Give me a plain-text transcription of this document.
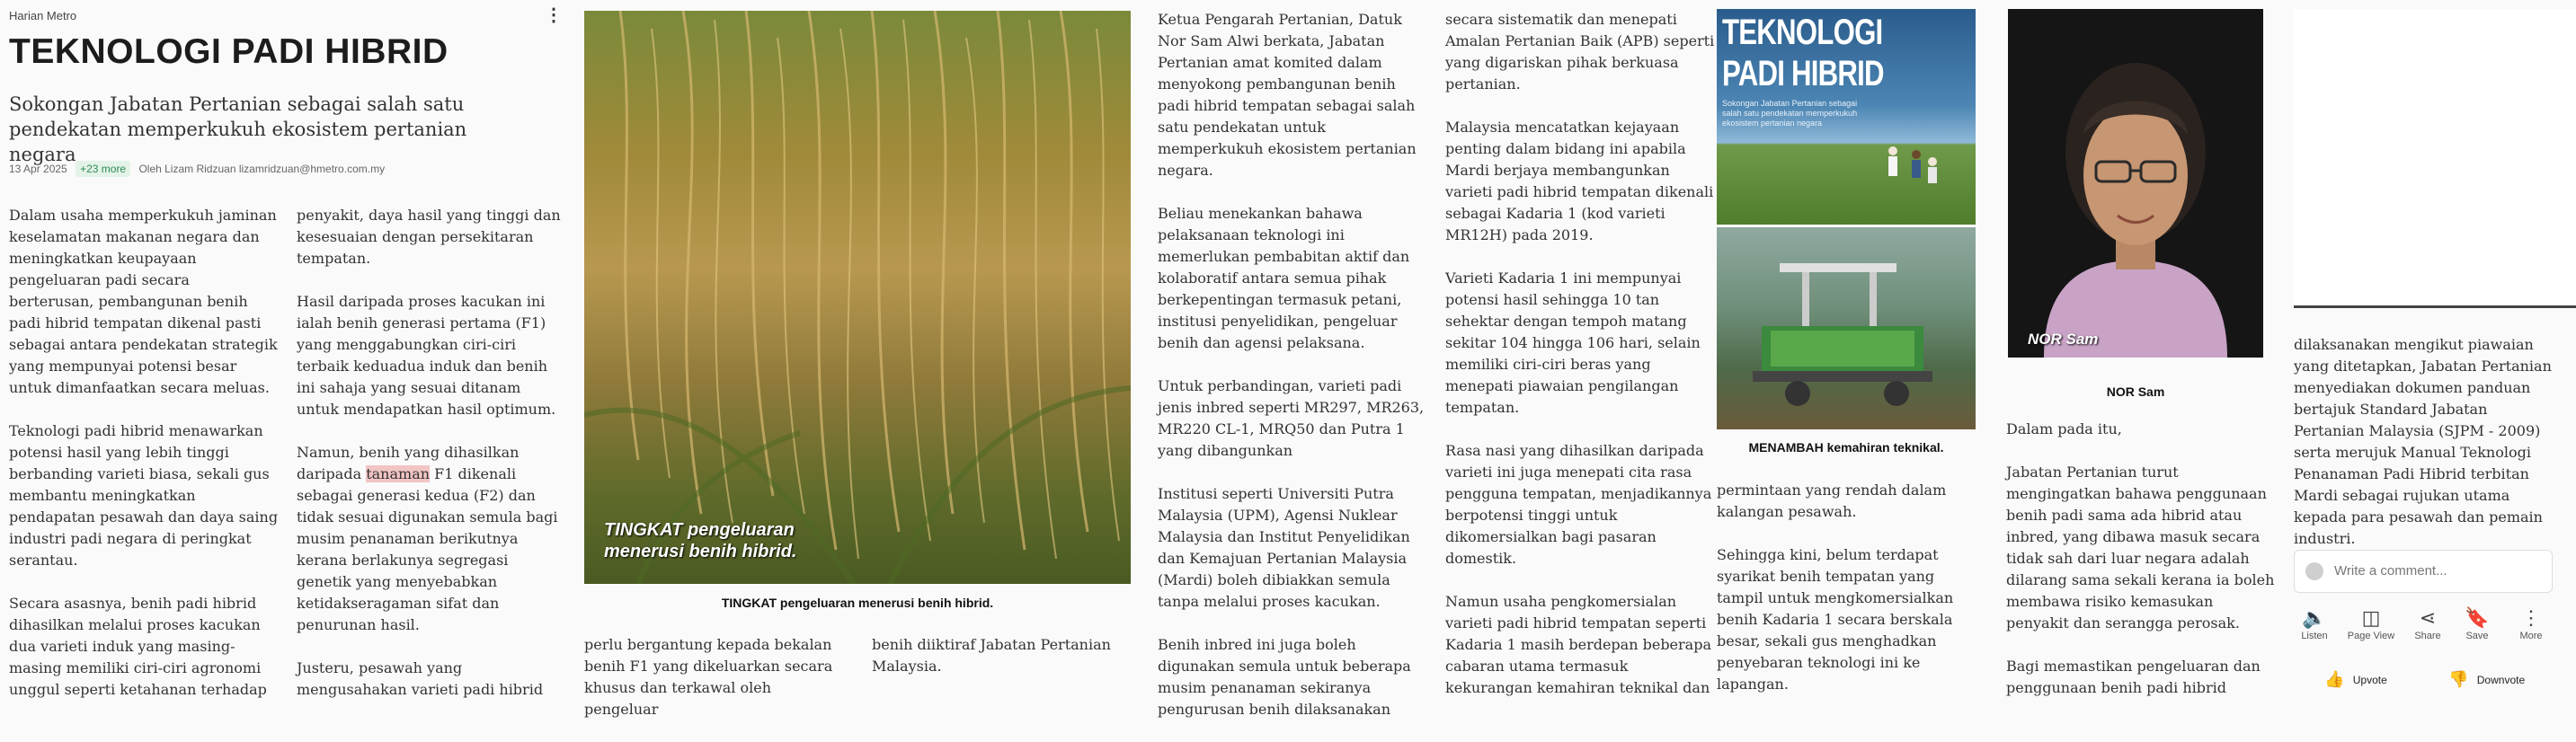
Harian Metro	⋮
TEKNOLOGI PADI HIBRID
Sokongan Jabatan Pertanian sebagai salah satu pendekatan memperkukuh ekosistem pertanian negara
13 Apr 2025 +23 more Oleh Lizam Ridzuan lizamridzuan@hmetro.com.my

Dalam usaha memperkukuh jaminan keselamatan makanan negara dan meningkatkan keupayaan pengeluaran padi secara berterusan, pembangunan benih padi hibrid tempatan dikenal pasti sebagai antara pendekatan strategik yang mempunyai potensi besar untuk dimanfaatkan secara meluas.

Teknologi padi hibrid menawarkan potensi hasil yang lebih tinggi berbanding varieti biasa, sekali gus membantu meningkatkan pendapatan pesawah dan daya saing industri padi negara di peringkat serantau.

Secara asasnya, benih padi hibrid dihasilkan melalui proses kacukan dua varieti induk yang masing-masing memiliki ciri-ciri agronomi unggul seperti ketahanan terhadap

penyakit, daya hasil yang tinggi dan kesesuaian dengan persekitaran tempatan.

Hasil daripada proses kacukan ini ialah benih generasi pertama (F1) yang menggabungkan ciri-ciri terbaik keduadua induk dan benih ini sahaja yang sesuai ditanam untuk mendapatkan hasil optimum.

Namun, benih yang dihasilkan daripada tanaman F1 dikenali sebagai generasi kedua (F2) dan tidak sesuai digunakan semula bagi musim penanaman berikutnya kerana berlakunya segregasi genetik yang menyebabkan ketidakseragaman sifat dan penurunan hasil.

Justeru, pesawah yang mengusahakan varieti padi hibrid

TINGKAT pengeluaran menerusi benih hibrid.
TINGKAT pengeluaran menerusi benih hibrid.

perlu bergantung kepada bekalan benih F1 yang dikeluarkan secara khusus dan terkawal oleh pengeluar

benih diiktiraf Jabatan Pertanian Malaysia.

Ketua Pengarah Pertanian, Datuk Nor Sam Alwi berkata, Jabatan Pertanian amat komited dalam menyokong pembangunan benih padi hibrid tempatan sebagai salah satu pendekatan untuk memperkukuh ekosistem pertanian negara.

Beliau menekankan bahawa pelaksanaan teknologi ini memerlukan pembabitan aktif dan kolaboratif antara semua pihak berkepentingan termasuk petani, institusi penyelidikan, pengeluar benih dan agensi pelaksana.

Untuk perbandingan, varieti padi jenis inbred seperti MR297, MR263, MR220 CL-1, MRQ50 dan Putra 1 yang dibangunkan

Institusi seperti Universiti Putra Malaysia (UPM), Agensi Nuklear Malaysia dan Institut Penyelidikan dan Kemajuan Pertanian Malaysia (Mardi) boleh dibiakkan semula tanpa melalui proses kacukan.

Benih inbred ini juga boleh digunakan semula untuk beberapa musim penanaman sekiranya pengurusan benih dilaksanakan

secara sistematik dan menepati Amalan Pertanian Baik (APB) seperti yang digariskan pihak berkuasa pertanian.

Malaysia mencatatkan kejayaan penting dalam bidang ini apabila Mardi berjaya membangunkan varieti padi hibrid tempatan dikenali sebagai Kadaria 1 (kod varieti MR12H) pada 2019.

Varieti Kadaria 1 ini mempunyai potensi hasil sehingga 10 tan sehektar dengan tempoh matang sekitar 104 hingga 106 hari, selain memiliki ciri-ciri beras yang menepati piawaian pengilangan tempatan.

Rasa nasi yang dihasilkan daripada varieti ini juga menepati cita rasa pengguna tempatan, menjadikannya berpotensi tinggi untuk dikomersialkan bagi pasaran domestik.

Namun usaha pengkomersialan varieti padi hibrid tempatan seperti Kadaria 1 masih berdepan beberapa cabaran utama termasuk kekurangan kemahiran teknikal dan

TEKNOLOGI
PADI HIBRID
Sokongan Jabatan Pertanian sebagai salah satu pendekatan memperkukuh ekosistem pertanian negara
MENAMBAH kemahiran teknikal.

permintaan yang rendah dalam kalangan pesawah.

Sehingga kini, belum terdapat syarikat benih tempatan yang tampil untuk mengkomersialkan benih Kadaria 1 secara berskala besar, sekali gus menghadkan penyebaran teknologi ini ke lapangan.

NOR Sam
NOR Sam

Dalam pada itu,

Jabatan Pertanian turut mengingatkan bahawa penggunaan benih padi sama ada hibrid atau inbred, yang dibawa masuk secara tidak sah dari luar negara adalah dilarang sama sekali kerana ia boleh membawa risiko kemasukan penyakit dan serangga perosak.

Bagi memastikan pengeluaran dan penggunaan benih padi hibrid

dilaksanakan mengikut piawaian yang ditetapkan, Jabatan Pertanian menyediakan dokumen panduan bertajuk Standard Jabatan Pertanian Malaysia (SJPM - 2009) serta merujuk Manual Teknologi Penanaman Padi Hibrid terbitan Mardi sebagai rujukan utama kepada para pesawah dan pemain industri.

Write a comment...
🔈
Listen
◫
Page View
⋖
Share
🔖
Save
⋮
More
👍 Upvote	👎 Downvote
